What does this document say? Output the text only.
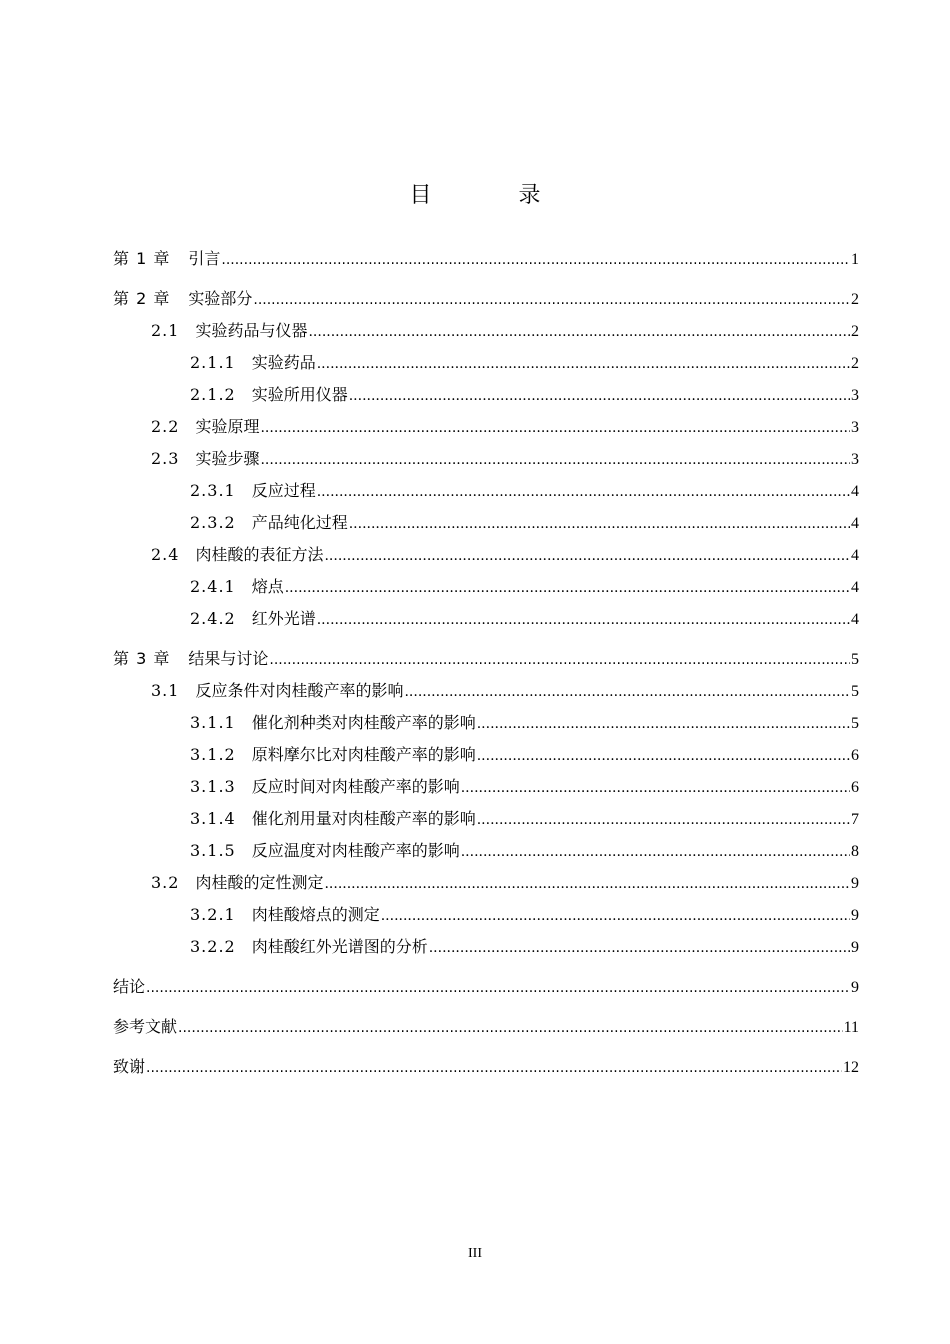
目 录
第 1 章 引言 .....	1
第 2 章 实验部分 .....	2
2.1 实验药品与仪器 .....	2
2.1.1 实验药品 .....	2
2.1.2 实验所用仪器 .....	3
2.2 实验原理 .....	3
2.3 实验步骤 .....	3
2.3.1 反应过程 .....	4
2.3.2 产品纯化过程 .....	4
2.4 肉桂酸的表征方法 .....	4
2.4.1 熔点 .....	4
2.4.2 红外光谱 .....	4
第 3 章 结果与讨论 .....	5
3.1 反应条件对肉桂酸产率的影响 .....	5
3.1.1 催化剂种类对肉桂酸产率的影响 .....	5
3.1.2 原料摩尔比对肉桂酸产率的影响 .....	6
3.1.3 反应时间对肉桂酸产率的影响 .....	6
3.1.4 催化剂用量对肉桂酸产率的影响 .....	7
3.1.5 反应温度对肉桂酸产率的影响 .....	8
3.2 肉桂酸的定性测定 .....	9
3.2.1 肉桂酸熔点的测定 .....	9
3.2.2 肉桂酸红外光谱图的分析 .....	9
结论 .....	9
参考文献 .....	11
致谢 .....	12
III
